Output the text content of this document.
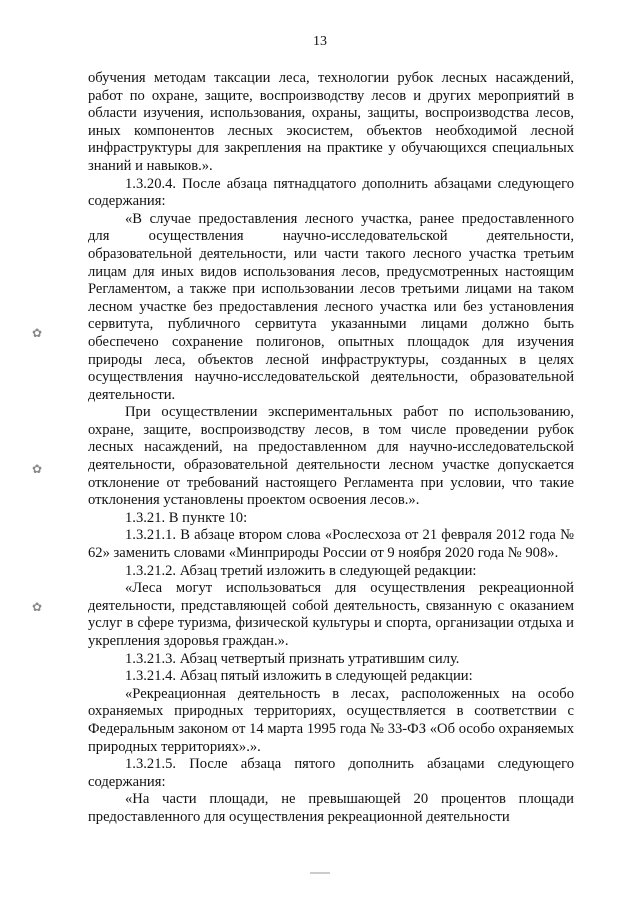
13
✿
✿
✿

обучения методам таксации леса, технологии рубок лесных насаждений, работ по охране, защите, воспроизводству лесов и других мероприятий в области изучения, использования, охраны, защиты, воспроизводства лесов, иных компонентов лесных экосистем, объектов необходимой лесной инфраструктуры для закрепления на практике у обучающихся специальных знаний и навыков.».

1.3.20.4. После абзаца пятнадцатого дополнить абзацами следующего содержания:

«В случае предоставления лесного участка, ранее предоставленного для осуществления научно-исследовательской деятельности, образовательной деятельности, или части такого лесного участка третьим лицам для иных видов использования лесов, предусмотренных настоящим Регламентом, а также при использовании лесов третьими лицами на таком лесном участке без предоставления лесного участка или без установления сервитута, публичного сервитута указанными лицами должно быть обеспечено сохранение полигонов, опытных площадок для изучения природы леса, объектов лесной инфраструктуры, созданных в целях осуществления научно-исследовательской деятельности, образовательной деятельности.

При осуществлении экспериментальных работ по использованию, охране, защите, воспроизводству лесов, в том числе проведении рубок лесных насаждений, на предоставленном для научно-исследовательской деятельности, образовательной деятельности лесном участке допускается отклонение от требований настоящего Регламента при условии, что такие отклонения установлены проектом освоения лесов.».

1.3.21. В пункте 10:

1.3.21.1. В абзаце втором слова «Рослесхоза от 21 февраля 2012 года № 62» заменить словами «Минприроды России от 9 ноября 2020 года № 908».

1.3.21.2. Абзац третий изложить в следующей редакции:

«Леса могут использоваться для осуществления рекреационной деятельности, представляющей собой деятельность, связанную с оказанием услуг в сфере туризма, физической культуры и спорта, организации отдыха и укрепления здоровья граждан.».

1.3.21.3. Абзац четвертый признать утратившим силу.

1.3.21.4. Абзац пятый изложить в следующей редакции:

«Рекреационная деятельность в лесах, расположенных на особо охраняемых природных территориях, осуществляется в соответствии с Федеральным законом от 14 марта 1995 года № 33-ФЗ «Об особо охраняемых природных территориях».».

1.3.21.5. После абзаца пятого дополнить абзацами следующего содержания:

«На части площади, не превышающей 20 процентов площади предоставленного для осуществления рекреационной деятельности
